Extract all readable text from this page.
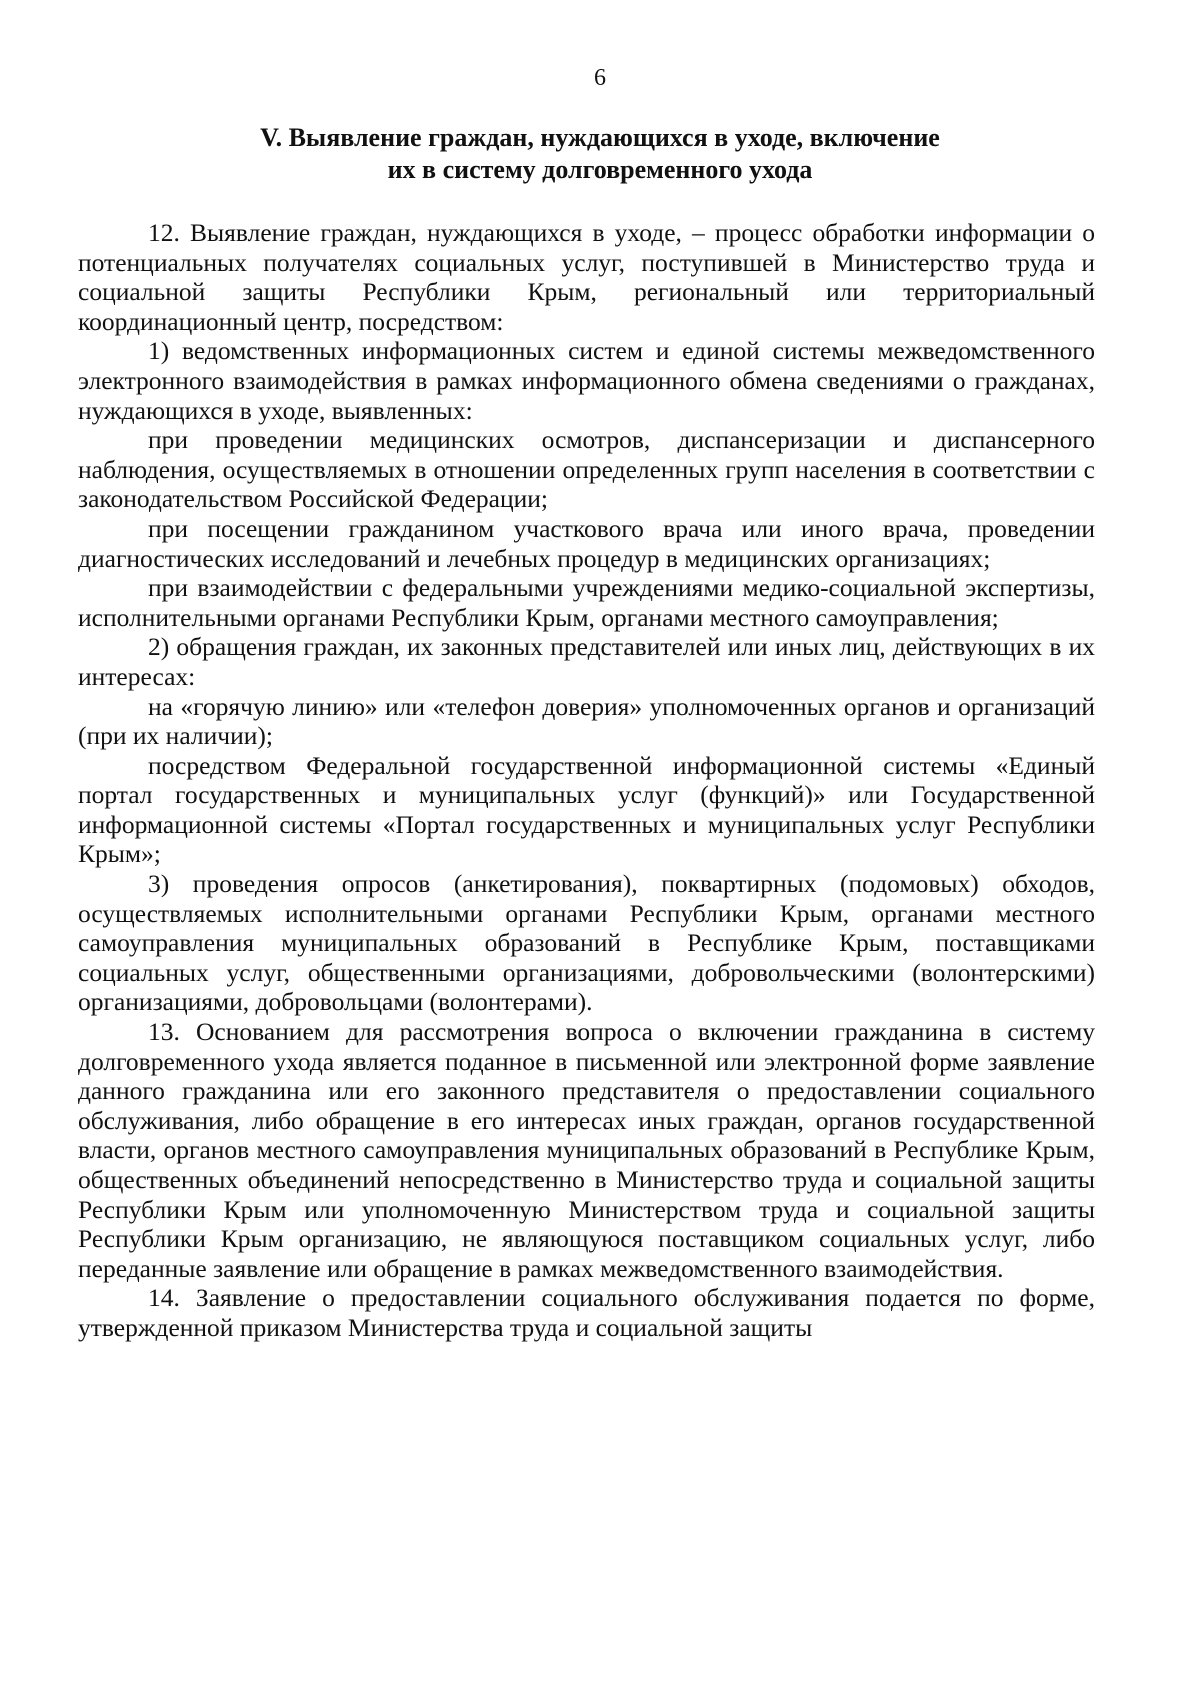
6
V. Выявление граждан, нуждающихся в уходе, включение
их в систему долговременного ухода

12. Выявление граждан, нуждающихся в уходе, – процесс обработки информации о потенциальных получателях социальных услуг, поступившей в Министерство труда и социальной защиты Республики Крым, региональный или территориальный координационный центр, посредством:

1) ведомственных информационных систем и единой системы межведомственного электронного взаимодействия в рамках информационного обмена сведениями о гражданах, нуждающихся в уходе, выявленных:

при проведении медицинских осмотров, диспансеризации и диспансерного наблюдения, осуществляемых в отношении определенных групп населения в соответствии с законодательством Российской Федерации;

при посещении гражданином участкового врача или иного врача, проведении диагностических исследований и лечебных процедур в медицинских организациях;

при взаимодействии с федеральными учреждениями медико-социальной экспертизы, исполнительными органами Республики Крым, органами местного самоуправления;

2) обращения граждан, их законных представителей или иных лиц, действующих в их интересах:

на «горячую линию» или «телефон доверия» уполномоченных органов и организаций (при их наличии);

посредством Федеральной государственной информационной системы «Единый портал государственных и муниципальных услуг (функций)» или Государственной информационной системы «Портал государственных и муниципальных услуг Республики Крым»;

3) проведения опросов (анкетирования), поквартирных (подомовых) обходов, осуществляемых исполнительными органами Республики Крым, органами местного самоуправления муниципальных образований в Республике Крым, поставщиками социальных услуг, общественными организациями, добровольческими (волонтерскими) организациями, добровольцами (волонтерами).

13. Основанием для рассмотрения вопроса о включении гражданина в систему долговременного ухода является поданное в письменной или электронной форме заявление данного гражданина или его законного представителя о предоставлении социального обслуживания, либо обращение в его интересах иных граждан, органов государственной власти, органов местного самоуправления муниципальных образований в Республике Крым, общественных объединений непосредственно в Министерство труда и социальной защиты Республики Крым или уполномоченную Министерством труда и социальной защиты Республики Крым организацию, не являющуюся поставщиком социальных услуг, либо переданные заявление или обращение в рамках межведомственного взаимодействия.

14. Заявление о предоставлении социального обслуживания подается по форме, утвержденной приказом Министерства труда и социальной защиты
